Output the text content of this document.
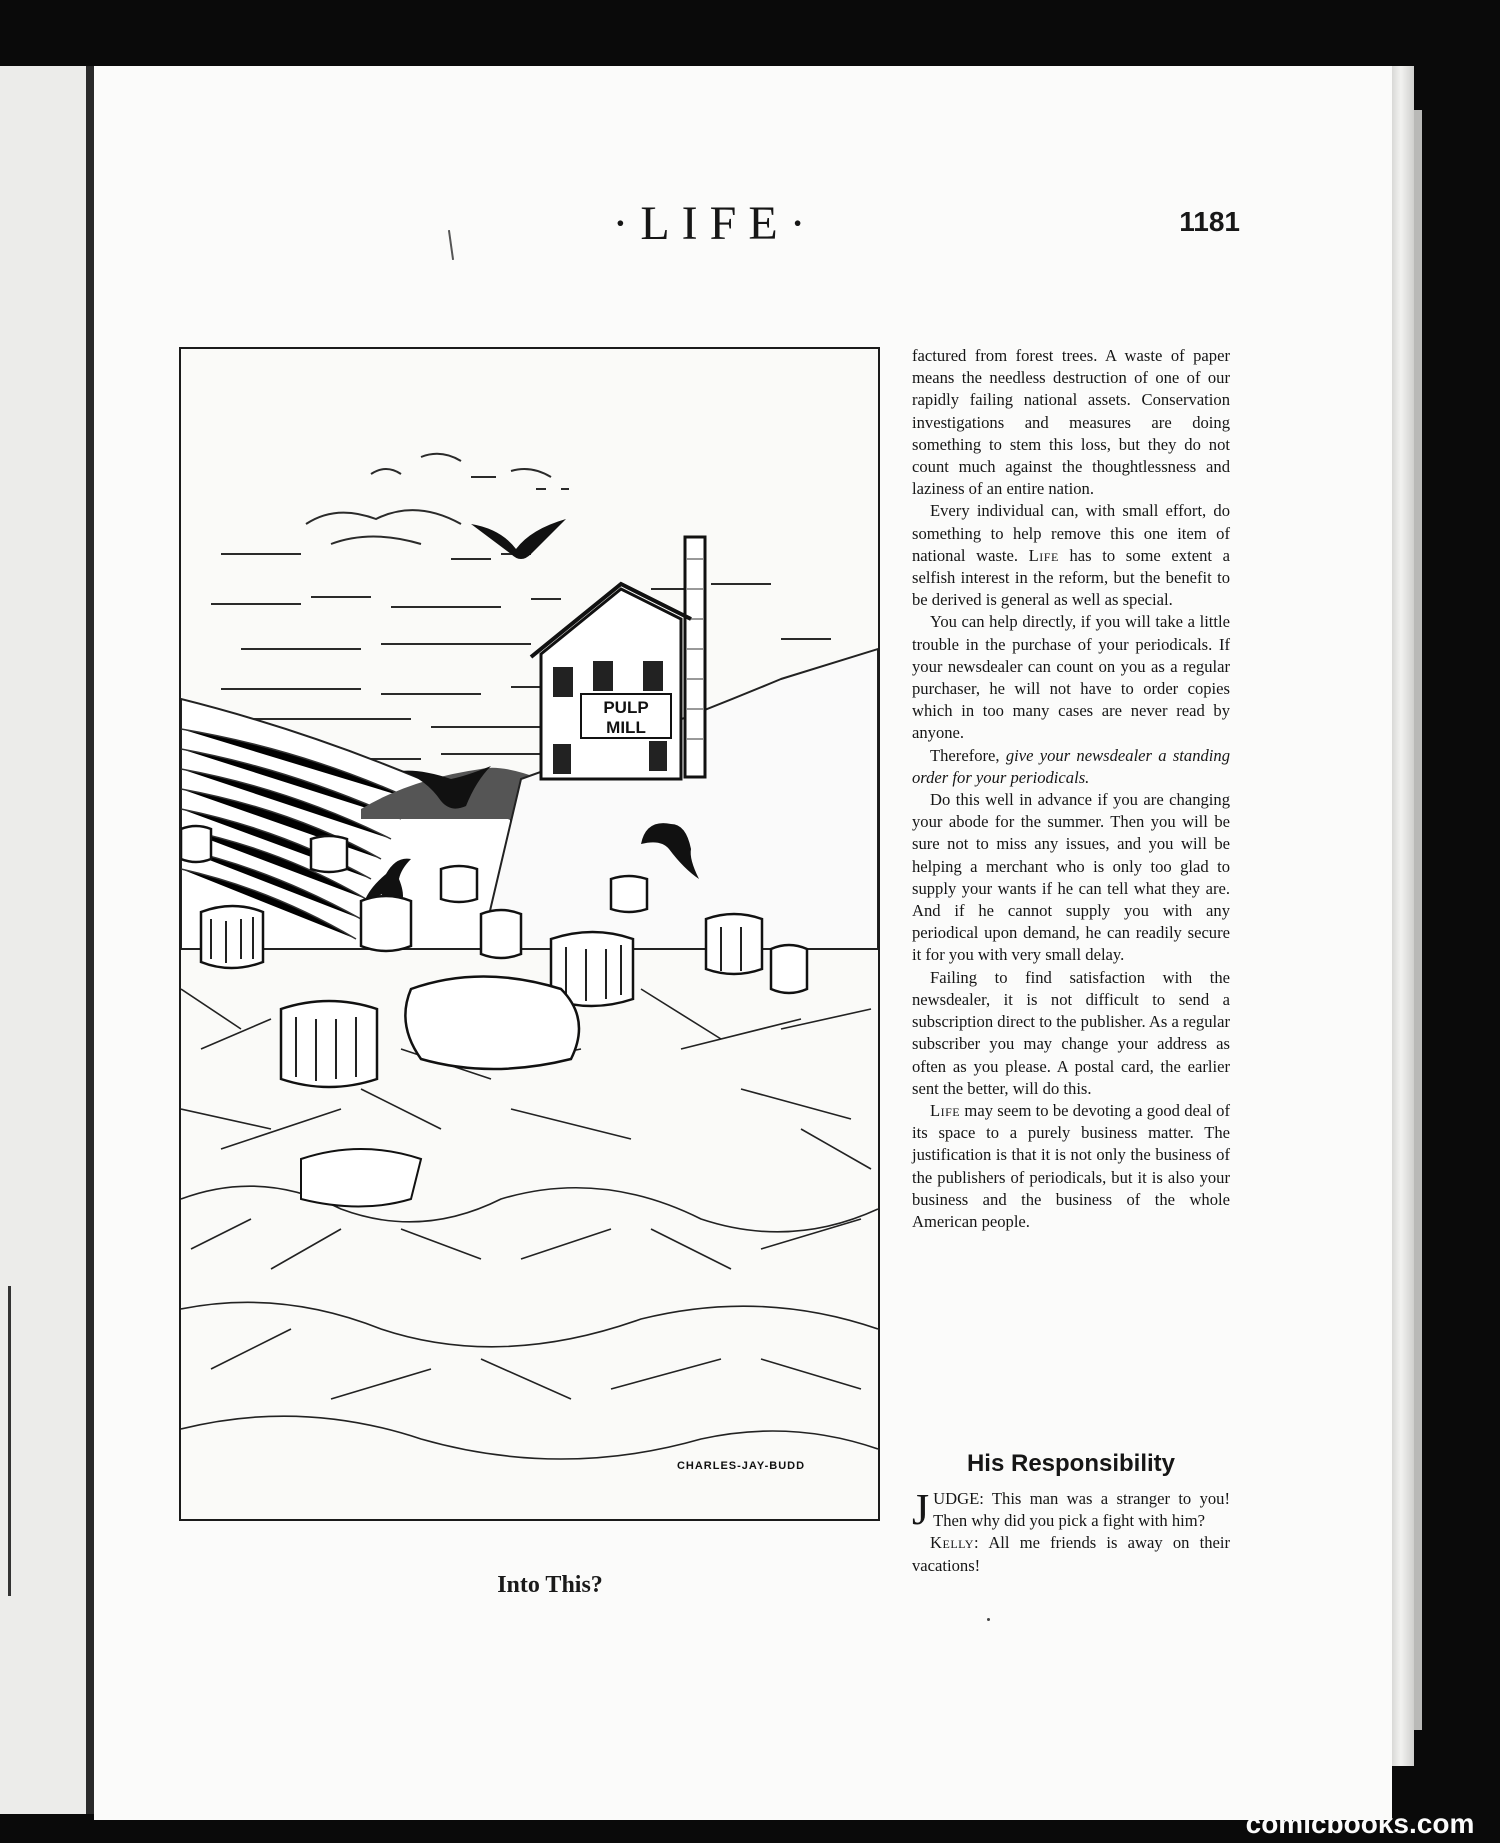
·LIFE·	1181
PULP
MILL
CHARLES-JAY-BUDD
Into This?

factured from forest trees. A waste of paper means the needless destruction of one of our rapidly failing national assets. Conservation investigations and measures are doing something to stem this loss, but they do not count much against the thoughtlessness and laziness of an entire nation.

Every individual can, with small effort, do something to help remove this one item of national waste. Life has to some extent a selfish interest in the reform, but the benefit to be derived is general as well as special.

You can help directly, if you will take a little trouble in the purchase of your periodicals. If your newsdealer can count on you as a regular purchaser, he will not have to order copies which in too many cases are never read by anyone.

Therefore, give your newsdealer a standing order for your periodicals.

Do this well in advance if you are changing your abode for the summer. Then you will be sure not to miss any issues, and you will be helping a merchant who is only too glad to supply your wants if he can tell what they are. And if he cannot supply you with any periodical upon demand, he can readily secure it for you with very small delay.

Failing to find satisfaction with the newsdealer, it is not difficult to send a subscription direct to the publisher. As a regular subscriber you may change your address as often as you please. A postal card, the earlier sent the better, will do this.

Life may seem to be devoting a good deal of its space to a purely business matter. The justification is that it is not only the business of the publishers of periodicals, but it is also your business and the business of the whole American people.

His Responsibility

JUDGE: This man was a stranger to you! Then why did you pick a fight with him?

Kelly: All me friends is away on their vacations!

comicbooks.com
